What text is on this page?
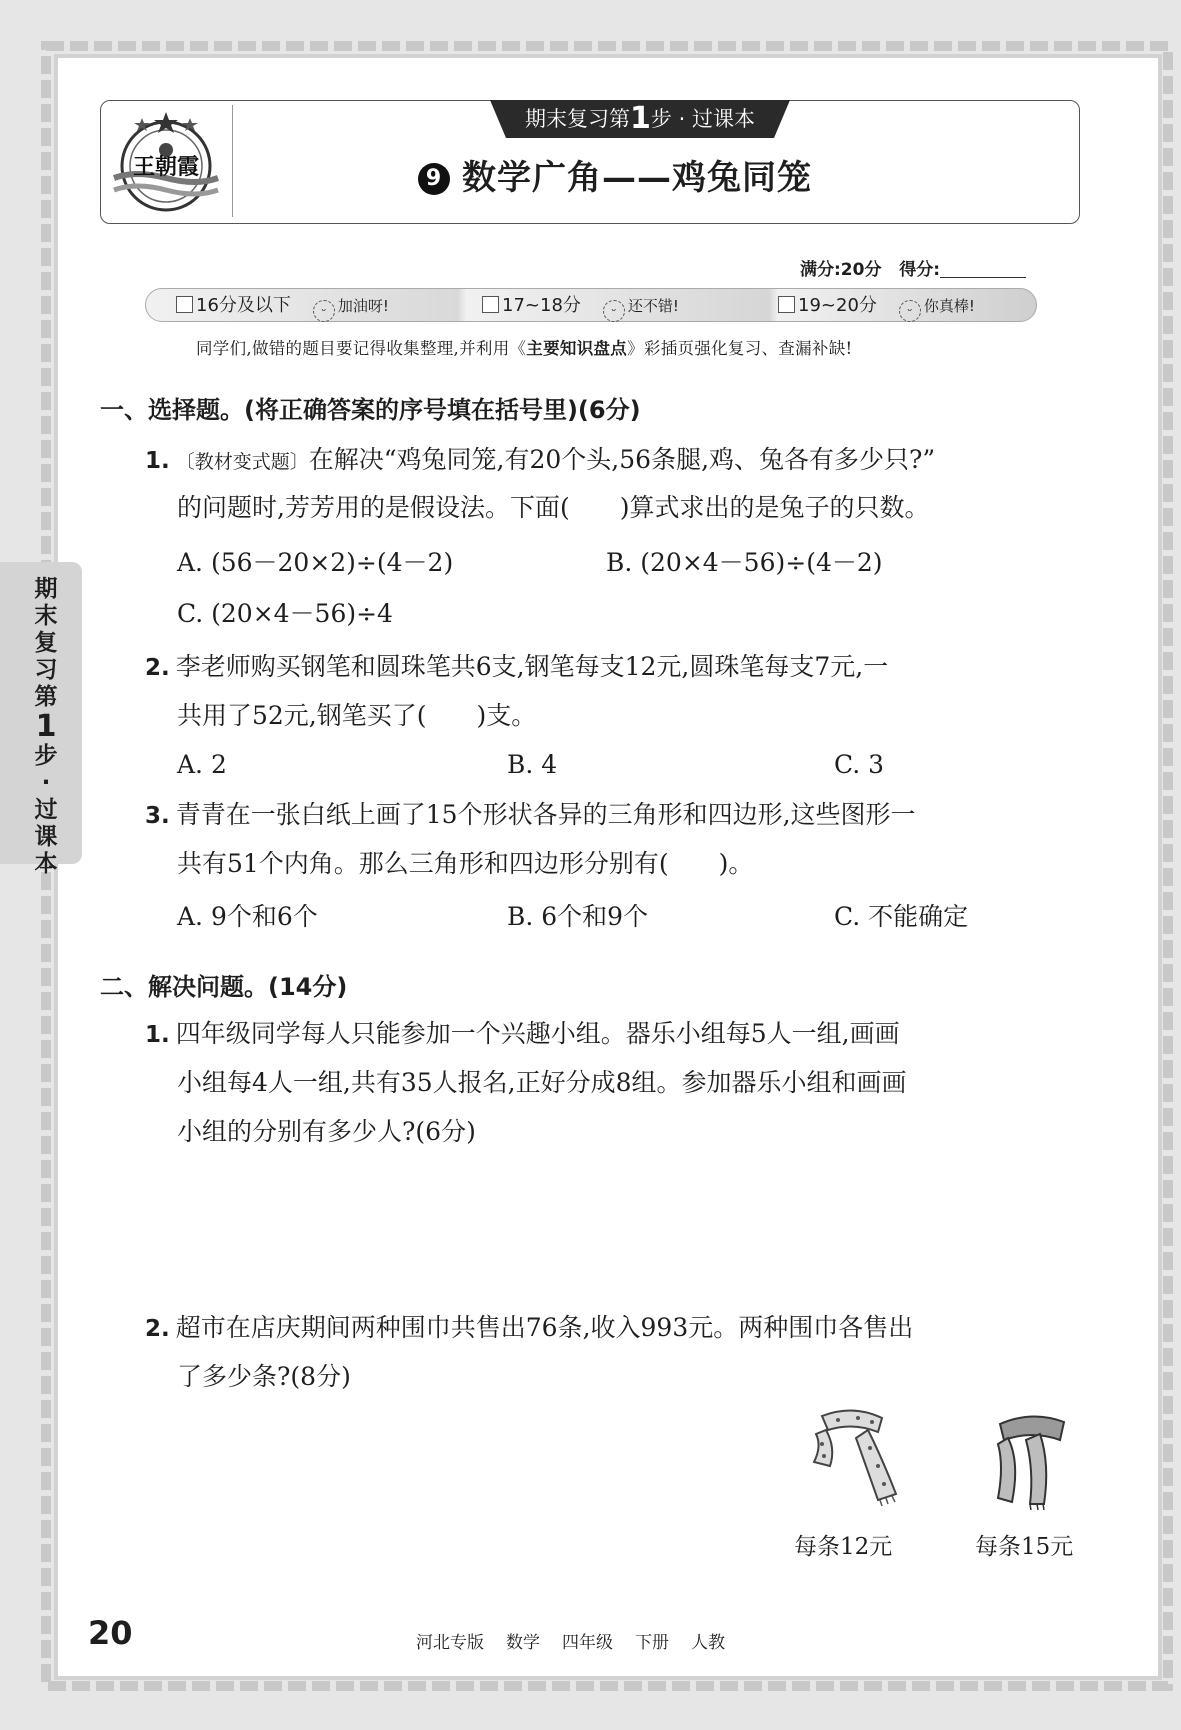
王朝霞
期末复习第1步 · 过课本
9 数学广角——鸡兔同笼
满分:20分 得分:
16分及以下	ᵕ 加油呀!	17~18分	ᵕ 还不错!	19~20分	ᵕ 你真棒!
同学们,做错的题目要记得收集整理,并利用《主要知识盘点》彩插页强化复习、查漏补缺!
一、选择题。(将正确答案的序号填在括号里)(6分)
1. 〔教材变式题〕在解决“鸡兔同笼,有20个头,56条腿,鸡、兔各有多少只?”
的问题时,芳芳用的是假设法。下面(　　)算式求出的是兔子的只数。
A. (56－20×2)÷(4－2)	B. (20×4－56)÷(4－2)
C. (20×4－56)÷4
2. 李老师购买钢笔和圆珠笔共6支,钢笔每支12元,圆珠笔每支7元,一
共用了52元,钢笔买了(　　)支。
A. 2	B. 4	C. 3
3. 青青在一张白纸上画了15个形状各异的三角形和四边形,这些图形一
共有51个内角。那么三角形和四边形分别有(　　)。
A. 9个和6个	B. 6个和9个	C. 不能确定
二、解决问题。(14分)
1. 四年级同学每人只能参加一个兴趣小组。器乐小组每5人一组,画画
小组每4人一组,共有35人报名,正好分成8组。参加器乐小组和画画
小组的分别有多少人?(6分)
2. 超市在店庆期间两种围巾共售出76条,收入993元。两种围巾各售出
了多少条?(8分)
每条12元	每条15元
期
末
复
习
第
1
步
·
过
课
本
20	河北专版 数学 四年级 下册 人教
